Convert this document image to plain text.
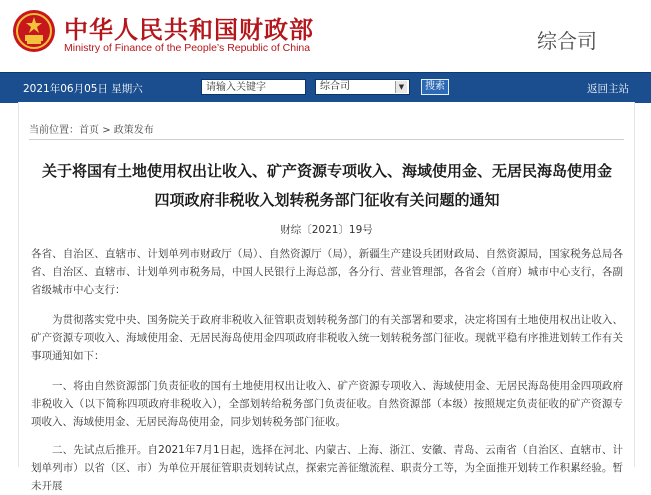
中华人民共和国财政部
Ministry of Finance of the People’s Republic of China	综合司
2021年06月05日 星期六
请输入关键字	综合司	▼	搜索	返回主站
当前位置：首页 > 政策发布
关于将国有土地使用权出让收入、矿产资源专项收入、海域使用金、无居民海岛使用金四项政府非税收入划转税务部门征收有关问题的通知
财综〔2021〕19号
各省、自治区、直辖市、计划单列市财政厅（局）、自然资源厅（局），新疆生产建设兵团财政局、自然资源局，国家税务总局各省、自治区、直辖市、计划单列市税务局，中国人民银行上海总部，各分行、营业管理部，各省会（首府）城市中心支行，各副省级城市中心支行：
为贯彻落实党中央、国务院关于政府非税收入征管职责划转税务部门的有关部署和要求，决定将国有土地使用权出让收入、矿产资源专项收入、海域使用金、无居民海岛使用金四项政府非税收入统一划转税务部门征收。现就平稳有序推进划转工作有关事项通知如下：
一、将由自然资源部门负责征收的国有土地使用权出让收入、矿产资源专项收入、海域使用金、无居民海岛使用金四项政府非税收入（以下简称四项政府非税收入），全部划转给税务部门负责征收。自然资源部（本级）按照规定负责征收的矿产资源专项收入、海域使用金、无居民海岛使用金，同步划转税务部门征收。
二、先试点后推开。自2021年7月1日起，选择在河北、内蒙古、上海、浙江、安徽、青岛、云南省（自治区、直辖市、计划单列市）以省（区、市）为单位开展征管职责划转试点，探索完善征缴流程、职责分工等，为全面推开划转工作积累经验。暂未开展
